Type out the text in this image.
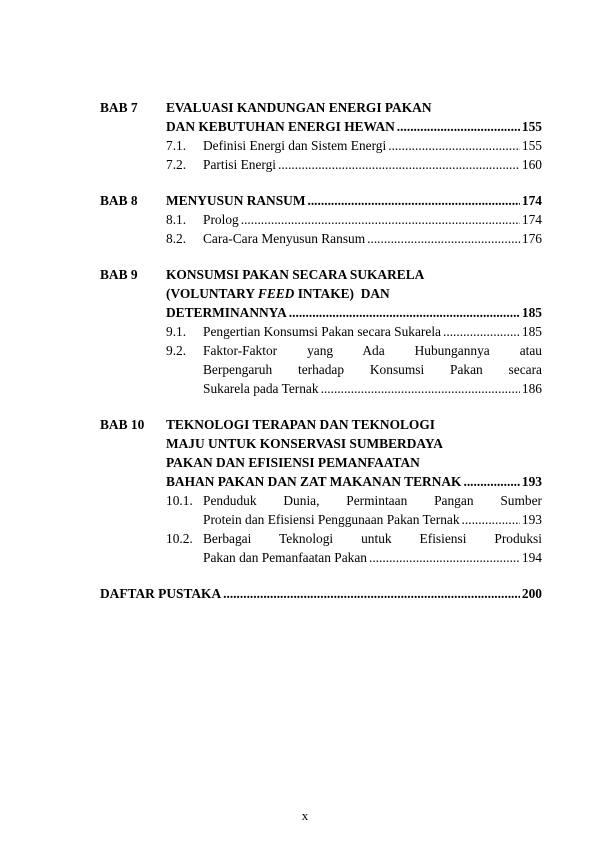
BAB 7 EVALUASI KANDUNGAN ENERGI PAKAN
DAN KEBUTUHAN ENERGI HEWAN .....	155
7.1. Definisi Energi dan Sistem Energi .....	155
7.2. Partisi Energi .....	160
BAB 8 MENYUSUN RANSUM .....	174
8.1. Prolog .....	174
8.2. Cara-Cara Menyusun Ransum .....	176
BAB 9 KONSUMSI PAKAN SECARA SUKARELA
(VOLUNTARY FEED INTAKE)  DAN
DETERMINANNYA .....	185
9.1. Pengertian Konsumsi Pakan secara Sukarela .....	185
9.2. Faktor-Faktor yang Ada Hubungannya atau
Berpengaruh terhadap Konsumsi Pakan secara
Sukarela pada Ternak .....	186
BAB 10 TEKNOLOGI TERAPAN DAN TEKNOLOGI
MAJU UNTUK KONSERVASI SUMBERDAYA
PAKAN DAN EFISIENSI PEMANFAATAN
BAHAN PAKAN DAN ZAT MAKANAN TERNAK .....	193
10.1. Penduduk Dunia, Permintaan Pangan Sumber
Protein dan Efisiensi Penggunaan Pakan Ternak .....	193
10.2. Berbagai Teknologi untuk Efisiensi Produksi
Pakan dan Pemanfaatan Pakan .....	194
DAFTAR PUSTAKA .....	200
x
